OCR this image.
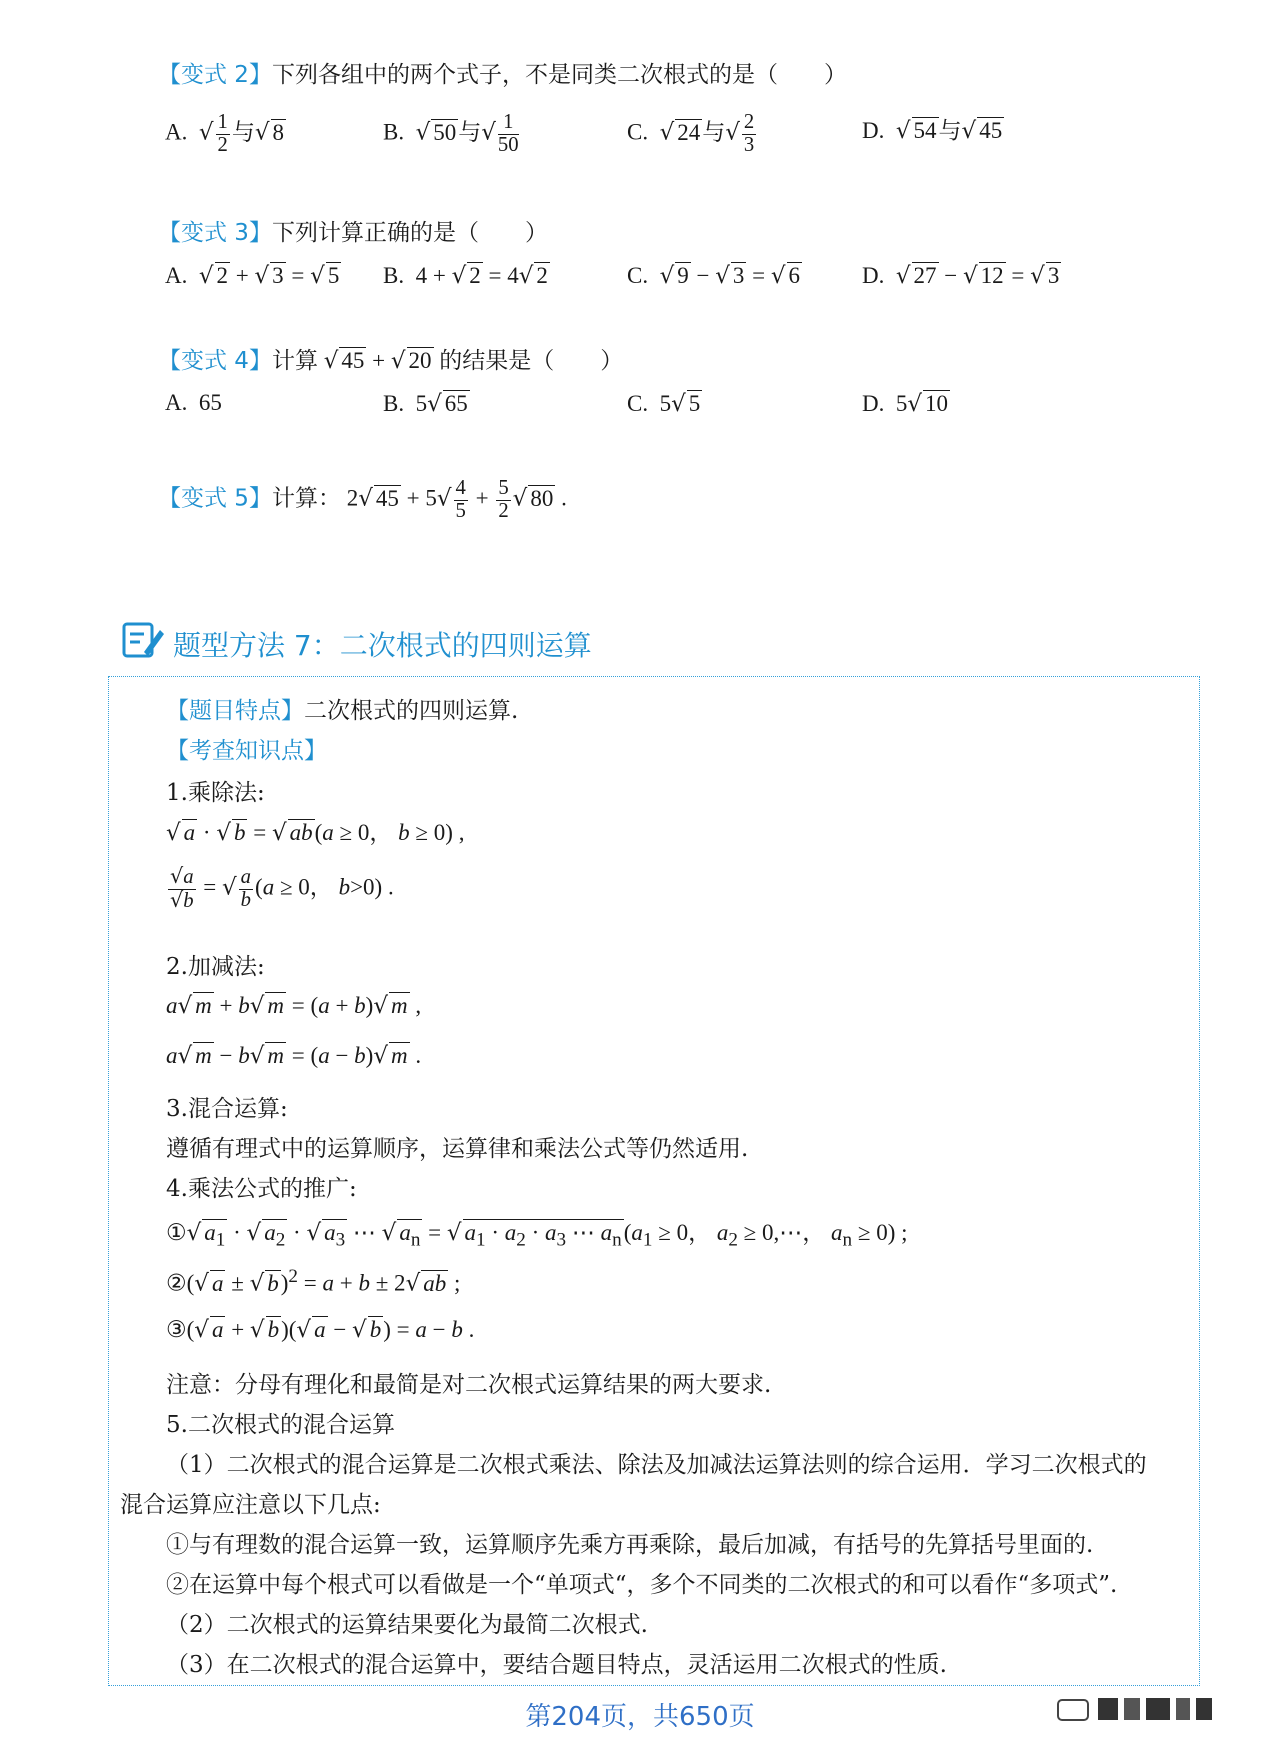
【变式 2】下列各组中的两个式子，不是同类二次根式的是（　　）
A. √ $\frac{1}{2}$ 与√ 8	B. √ 50与√ $\frac{1}{50}$	C. √ 24与√ $\frac{2}{3}$	D. √ 54与√ 45
【变式 3】下列计算正确的是（　　）
A. √ 2 + √ 3 = √ 5 B.  4 + √ 2 = 4√ 2	C. √ 9 − √ 3 = √ 6	D. √ 27 − √ 12 = √ 3
【变式 4】计算 √ 45 + √ 20 的结果是（　　）
A. 65	B.  5√ 65	C.  5√ 5	D.  5√ 10
【变式 5】计算： 2√ $45 + 5√ \frac{4}{5} + \frac{5}{2}$ √ 80 .
题型方法 7：二次根式的四则运算
【题目特点】二次根式的四则运算.
【考查知识点】
1.乘除法:
√ a · √ b = √ ab(a ≥ 0， b ≥ 0) ,
$\frac{√a}{√b}$ = √ $\frac{a}{b} (a \ge 0$， b>0) .
2.加减法:
a√ m + b√ m = (a + b)√ m ,
a√ m − b√ m = (a − b)√ m .
3.混合运算:
遵循有理式中的运算顺序，运算律和乘法公式等仍然适用.
4.乘法公式的推广:
①√ $a_1$ · √ $a_2$ · √ $a_3$ ⋯ √ $a_n$ = √ $a_1 \cdot a_2 \cdot a_3$ ⋯ $a_n(a_1 \ge 0$， $a_2$ ≥ 0,⋯， $a_n \ge 0$) ;
②(√ a ± √ b)$^2$ = a + b ± 2√ ab ;
③(√ a + √ b)(√ a − √ b) = a − b .
注意：分母有理化和最简是对二次根式运算结果的两大要求.
5.二次根式的混合运算
（1）二次根式的混合运算是二次根式乘法、除法及加减法运算法则的综合运用．学习二次根式的
混合运算应注意以下几点:
①与有理数的混合运算一致，运算顺序先乘方再乘除，最后加减，有括号的先算括号里面的.
②在运算中每个根式可以看做是一个“单项式“，多个不同类的二次根式的和可以看作“多项式”.
（2）二次根式的运算结果要化为最简二次根式.
（3）在二次根式的混合运算中，要结合题目特点，灵活运用二次根式的性质.
第204页，共650页
